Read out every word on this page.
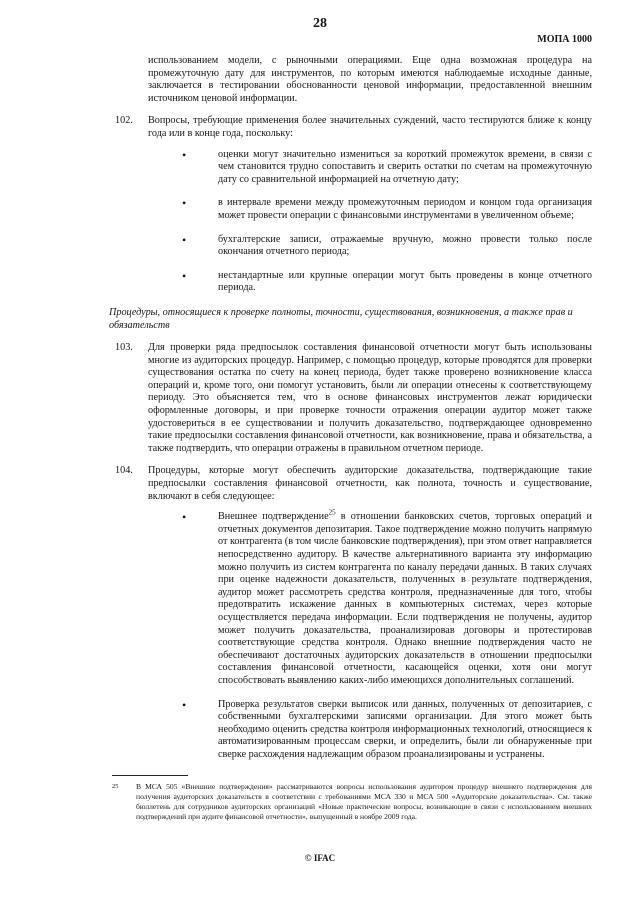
28
МОПА 1000

использованием модели, с рыночными операциями. Еще одна возможная процедура на промежуточную дату для инструментов, по которым имеются наблюдаемые исходные данные, заключается в тестировании обоснованности ценовой информации, предоставленной внешним источником ценовой информации.

102. Вопросы, требующие применения более значительных суждений, часто тестируются ближе к концу года или в конце года, поскольку:

•	оценки могут значительно измениться за короткий промежуток времени, в связи с чем становится трудно сопоставить и сверить остатки по счетам на промежуточную дату со сравнительной информацией на отчетную дату;
•	в интервале времени между промежуточным периодом и концом года организация может провести операции с финансовыми инструментами в увеличенном объеме;
•	бухгалтерские записи, отражаемые вручную, можно провести только после окончания отчетного периода;
•	нестандартные или крупные операции могут быть проведены в конце отчетного периода.

Процедуры, относящиеся к проверке полноты, точности, существования, возникновения, а также прав и обязательств

103. Для проверки ряда предпосылок составления финансовой отчетности могут быть использованы многие из аудиторских процедур. Например, с помощью процедур, которые проводятся для проверки существования остатка по счету на конец периода, будет также проверено возникновение класса операций и, кроме того, они помогут установить, были ли операции отнесены к соответствующему периоду. Это объясняется тем, что в основе финансовых инструментов лежат юридически оформленные договоры, и при проверке точности отражения операции аудитор может также удостовериться в ее существовании и получить доказательство, подтверждающее одновременно такие предпосылки составления финансовой отчетности, как возникновение, права и обязательства, а также подтвердить, что операции отражены в правильном отчетном периоде.

104. Процедуры, которые могут обеспечить аудиторские доказательства, подтверждающие такие предпосылки составления финансовой отчетности, как полнота, точность и существование, включают в себя следующее:

•	Внешнее подтверждение$^{25}$ в отношении банковских счетов, торговых операций и отчетных документов депозитария. Такое подтверждение можно получить напрямую от контрагента (в том числе банковские подтверждения), при этом ответ направляется непосредственно аудитору. В качестве альтернативного варианта эту информацию можно получить из систем контрагента по каналу передачи данных. В таких случаях при оценке надежности доказательств, полученных в результате подтверждения, аудитор может рассмотреть средства контроля, предназначенные для того, чтобы предотвратить искажение данных в компьютерных системах, через которые осуществляется передача информации. Если подтверждения не получены, аудитор может получить доказательства, проанализировав договоры и протестировав соответствующие средства контроля. Однако внешние подтверждения часто не обеспечивают достаточных аудиторских доказательств в отношении предпосылки составления финансовой отчетности, касающейся оценки, хотя они могут способствовать выявлению каких-либо имеющихся дополнительных соглашений.
•	Проверка результатов сверки выписок или данных, полученных от депозитариев, с собственными бухгалтерскими записями организации. Для этого может быть необходимо оценить средства контроля информационных технологий, относящиеся к автоматизированным процессам сверки, и определить, были ли обнаруженные при сверке расхождения надлежащим образом проанализированы и устранены.
25	В МСА 505 «Внешние подтверждения» рассматриваются вопросы использования аудитором процедур внешнего подтверждения для получения аудиторских доказательств в соответствии с требованиями МСА 330 и МСА 500 «Аудиторские доказательства». См. также бюллетень для сотрудников аудиторских организаций «Новые практические вопросы, возникающие в связи с использованием внешних подтверждений при аудите финансовой отчетности», выпущенный в ноябре 2009 года.
© IFAC
